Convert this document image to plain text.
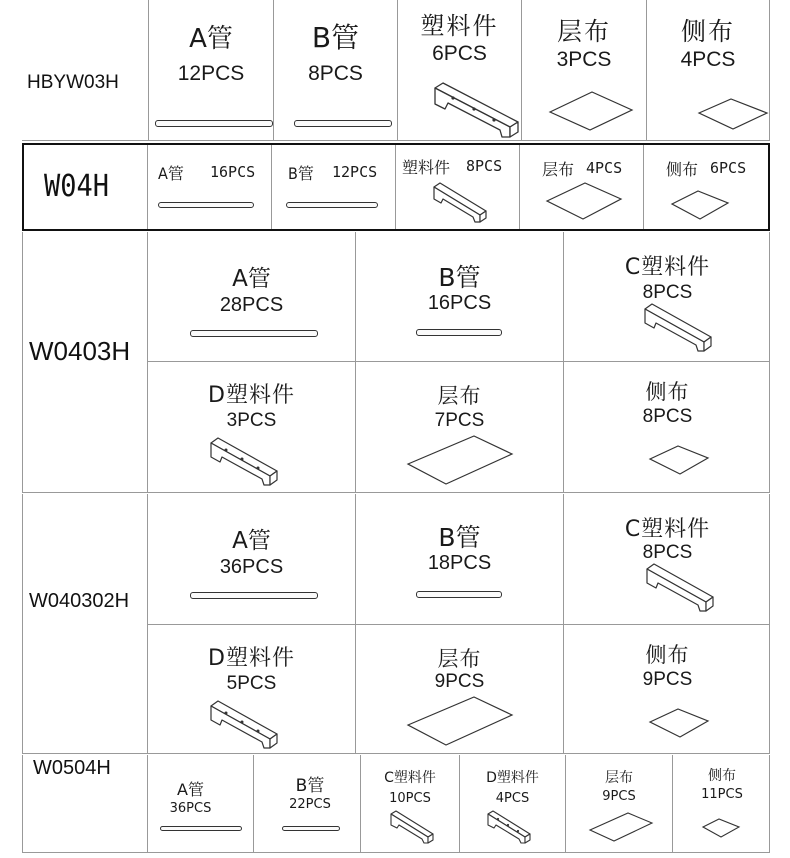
HBYW03H
A管
12PCS
B管
8PCS
塑料件
6PCS
层布
3PCS
侧布
4PCS
W04H	A管 16PCS B管 12PCS 塑料件 8PCS 层布 4PCS	侧布 6PCS
W0403H
A管
28PCS
B管
16PCS
C塑料件
8PCS
D塑料件
3PCS
层布
7PCS
侧布
8PCS
W040302H
A管
36PCS
B管
18PCS
C塑料件
8PCS
D塑料件
5PCS
层布
9PCS
侧布
9PCS
W0504H
A管
36PCS
B管
22PCS
C塑料件
10PCS
D塑料件
4PCS
层布
9PCS
侧布
11PCS
